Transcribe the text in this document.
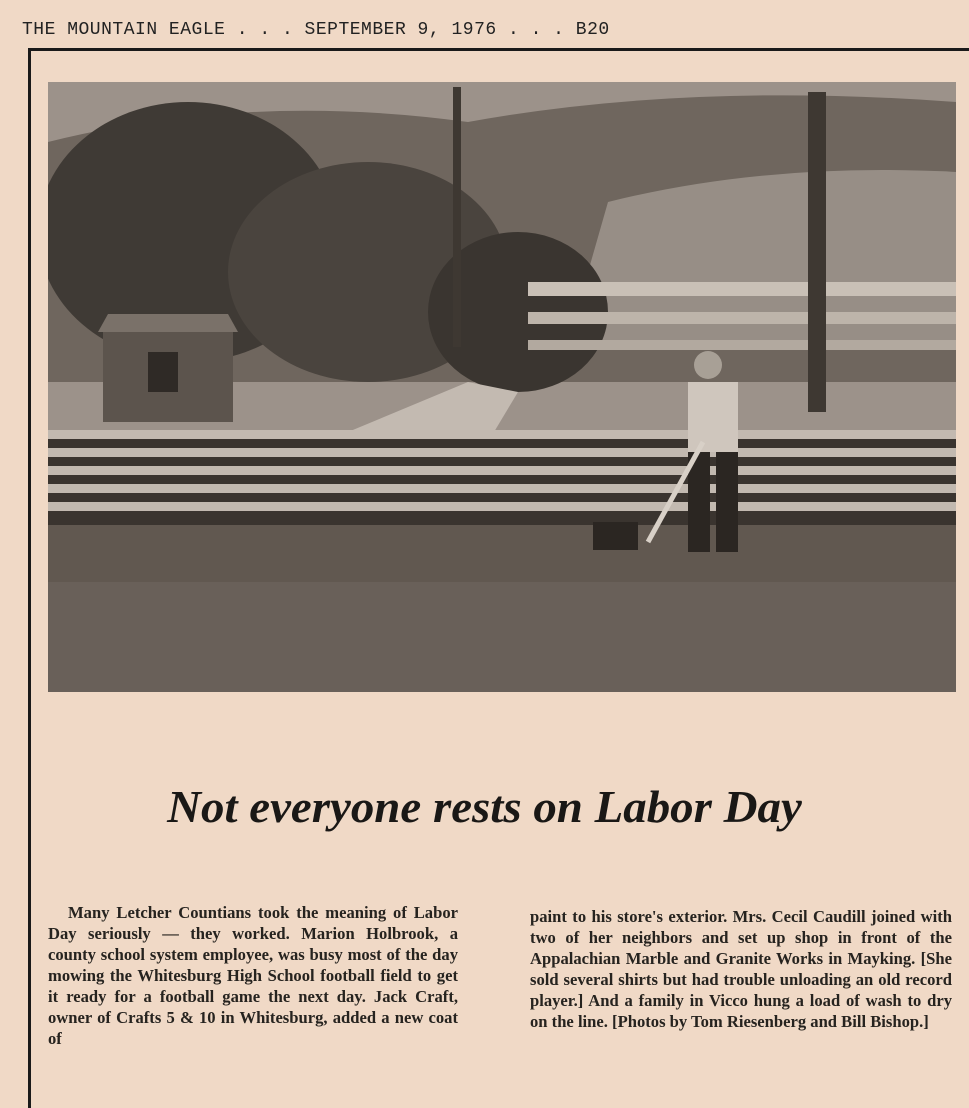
THE MOUNTAIN EAGLE . . . SEPTEMBER 9, 1976 . . . B20
Not everyone rests on Labor Day
Many Letcher Countians took the meaning of Labor Day seriously — they worked. Marion Holbrook, a county school system employee, was busy most of the day mowing the Whitesburg High School football field to get it ready for a football game the next day. Jack Craft, owner of Crafts 5 & 10 in Whitesburg, added a new coat of
paint to his store's exterior. Mrs. Cecil Caudill joined with two of her neighbors and set up shop in front of the Appalachian Marble and Granite Works in Mayking. [She sold several shirts but had trouble unloading an old record player.] And a family in Vicco hung a load of wash to dry on the line. [Photos by Tom Riesenberg and Bill Bishop.]
